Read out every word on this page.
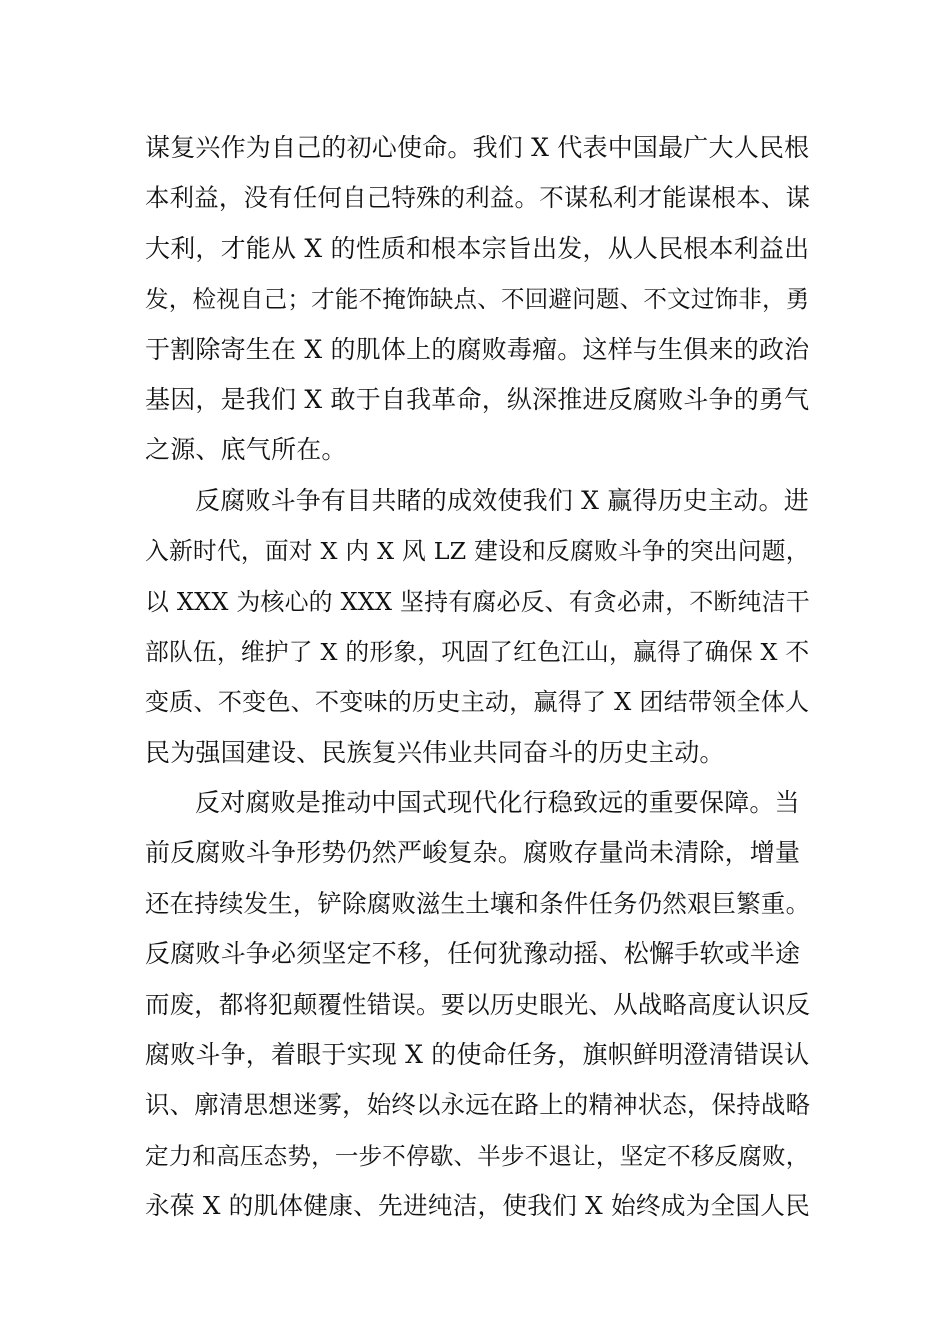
谋复兴作为自己的初心使命。我们 X 代表中国最广大人民根
本利益，没有任何自己特殊的利益。不谋私利才能谋根本、谋
大利，才能从 X 的性质和根本宗旨出发，从人民根本利益出
发，检视自己；才能不掩饰缺点、不回避问题、不文过饰非，勇
于割除寄生在 X 的肌体上的腐败毒瘤。这样与生俱来的政治
基因，是我们 X 敢于自我革命，纵深推进反腐败斗争的勇气
之源、底气所在。
反腐败斗争有目共睹的成效使我们 X 赢得历史主动。进
入新时代，面对 X 内 X 风 LZ 建设和反腐败斗争的突出问题，
以 XXX 为核心的 XXX 坚持有腐必反、有贪必肃，不断纯洁干
部队伍，维护了 X 的形象，巩固了红色江山，赢得了确保 X 不
变质、不变色、不变味的历史主动，赢得了 X 团结带领全体人
民为强国建设、民族复兴伟业共同奋斗的历史主动。
反对腐败是推动中国式现代化行稳致远的重要保障。当
前反腐败斗争形势仍然严峻复杂。腐败存量尚未清除，增量
还在持续发生，铲除腐败滋生土壤和条件任务仍然艰巨繁重。
反腐败斗争必须坚定不移，任何犹豫动摇、松懈手软或半途
而废，都将犯颠覆性错误。要以历史眼光、从战略高度认识反
腐败斗争，着眼于实现 X 的使命任务，旗帜鲜明澄清错误认
识、廓清思想迷雾，始终以永远在路上的精神状态，保持战略
定力和高压态势，一步不停歇、半步不退让，坚定不移反腐败，
永葆 X 的肌体健康、先进纯洁，使我们 X 始终成为全国人民
